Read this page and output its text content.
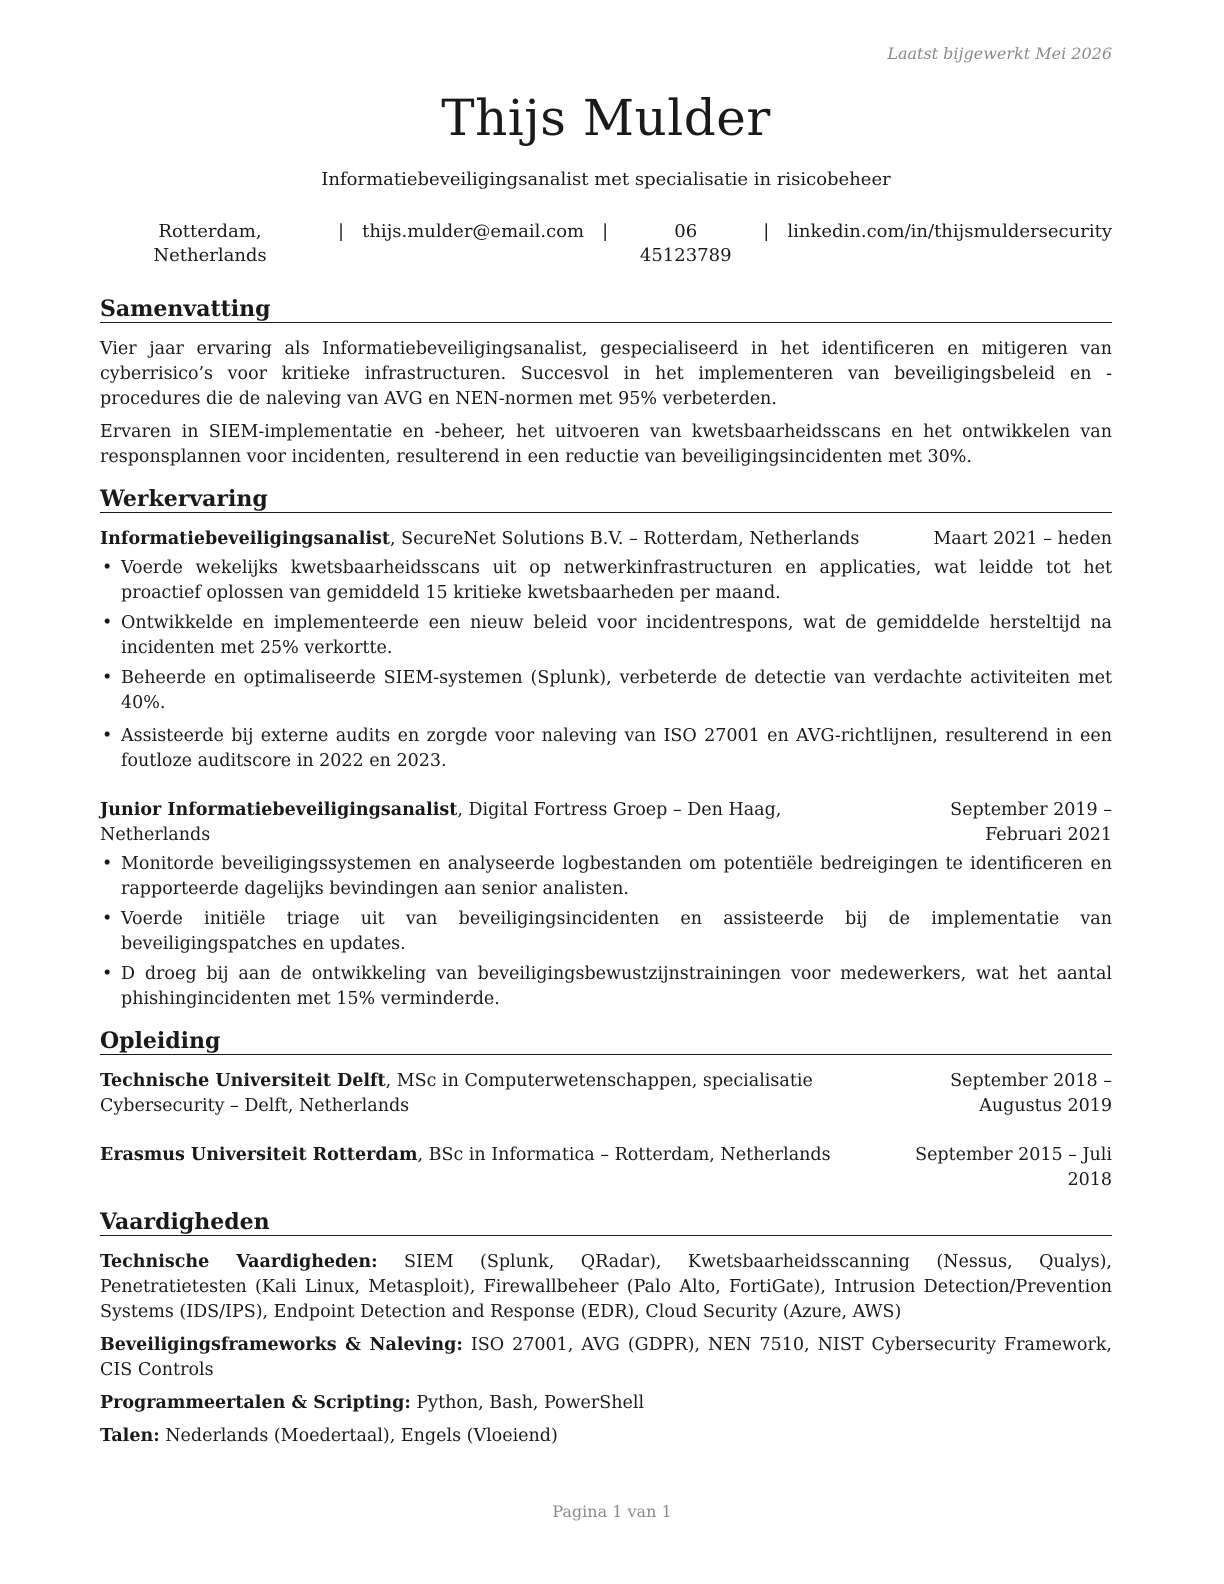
Laatst bijgewerkt Mei 2026
Thijs Mulder
Informatiebeveiligingsanalist met specialisatie in risicobeheer
Rotterdam, Netherlands
| thijs.mulder@email.com |	06 45123789
| linkedin.com/in/thijsmuldersecurity
Samenvatting

Vier jaar ervaring als Informatiebeveiligingsanalist, gespecialiseerd in het identificeren en mitigeren van cyberrisico’s voor kritieke infrastructuren. Succesvol in het implementeren van beveiligingsbeleid en -procedures die de naleving van AVG en NEN-normen met 95% verbeterden.

Ervaren in SIEM-implementatie en -beheer, het uitvoeren van kwetsbaarheidsscans en het ontwikkelen van responsplannen voor incidenten, resulterend in een reductie van beveiligingsincidenten met 30%.

Werkervaring
Informatiebeveiligingsanalist, SecureNet Solutions B.V. – Rotterdam, Netherlands	Maart 2021 – heden
• Voerde wekelijks kwetsbaarheidsscans uit op netwerkinfrastructuren en applicaties, wat leidde tot het proactief oplossen van gemiddeld 15 kritieke kwetsbaarheden per maand.
• Ontwikkelde en implementeerde een nieuw beleid voor incidentrespons, wat de gemiddelde hersteltijd na incidenten met 25% verkortte.
• Beheerde en optimaliseerde SIEM-systemen (Splunk), verbeterde de detectie van verdachte activiteiten met 40%.
• Assisteerde bij externe audits en zorgde voor naleving van ISO 27001 en AVG-richtlijnen, resulterend in een foutloze auditscore in 2022 en 2023.
Junior Informatiebeveiligingsanalist, Digital Fortress Groep – Den Haag, Netherlands
September 2019 – Februari 2021
• Monitorde beveiligingssystemen en analyseerde logbestanden om potentiële bedreigingen te identificeren en rapporteerde dagelijks bevindingen aan senior analisten.
• Voerde initiële triage uit van beveiligingsincidenten en assisteerde bij de implementatie van beveiligingspatches en updates.
• D droeg bij aan de ontwikkeling van beveiligingsbewustzijnstrainingen voor medewerkers, wat het aantal phishingincidenten met 15% verminderde.
Opleiding
Technische Universiteit Delft, MSc in Computerwetenschappen, specialisatie Cybersecurity – Delft, Netherlands
September 2018 – Augustus 2019
Erasmus Universiteit Rotterdam, BSc in Informatica – Rotterdam, Netherlands	September 2015 – Juli 2018
Vaardigheden

Technische Vaardigheden: SIEM (Splunk, QRadar), Kwetsbaarheidsscanning (Nessus, Qualys), Penetratietesten (Kali Linux, Metasploit), Firewallbeheer (Palo Alto, FortiGate), Intrusion Detection/Prevention Systems (IDS/IPS), Endpoint Detection and Response (EDR), Cloud Security (Azure, AWS)

Beveiligingsframeworks & Naleving: ISO 27001, AVG (GDPR), NEN 7510, NIST Cybersecurity Framework, CIS Controls

Programmeertalen & Scripting: Python, Bash, PowerShell

Talen: Nederlands (Moedertaal), Engels (Vloeiend)

Pagina 1 van 1
